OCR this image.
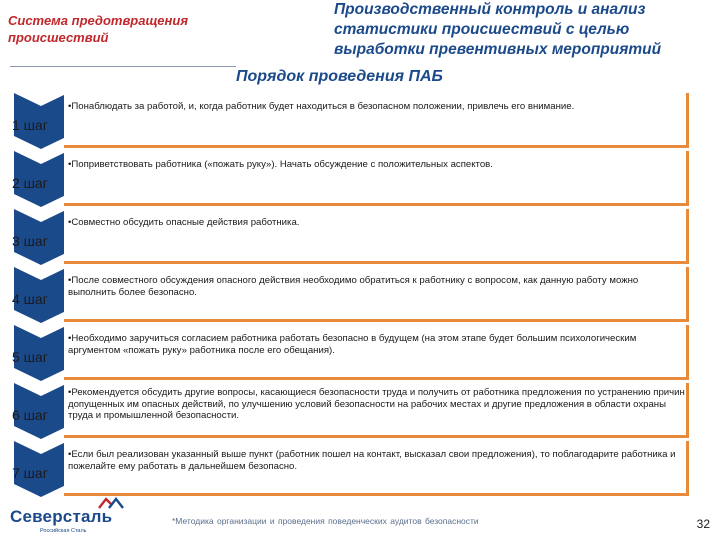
Система предотвращения происшествий
Производственный контроль и анализ статистики происшествий с целью выработки превентивных мероприятий
Порядок проведения ПАБ
1 шаг
•Понаблюдать за работой, и, когда работник будет находиться в безопасном положении, привлечь его внимание.
2 шаг
•Поприветствовать работника («пожать руку»). Начать обсуждение с положительных аспектов.
3 шаг
•Совместно обсудить опасные действия работника.
4 шаг
•После совместного обсуждения опасного действия необходимо обратиться к работнику с вопросом, как данную работу можно выполнить более безопасно.
5 шаг
•Необходимо заручиться согласием работника работать безопасно в будущем (на этом этапе будет большим психологическим аргументом «пожать руку» работника после его обещания).
6 шаг
•Рекомендуется обсудить другие вопросы, касающиеся безопасности труда и получить от работника предложения по устранению причин допущенных им опасных действий, по улучшению условий безопасности на рабочих местах и другие предложения в области охраны труда и промышленной безопасности.
7 шаг
•Если был реализован указанный выше пункт (работник пошел на контакт, высказал свои предложения), то поблагодарите работника и пожелайте ему работать в дальнейшем безопасно.
Северсталь
Российская Сталь
*Методика организации и проведения поведенческих аудитов безопасности	32
